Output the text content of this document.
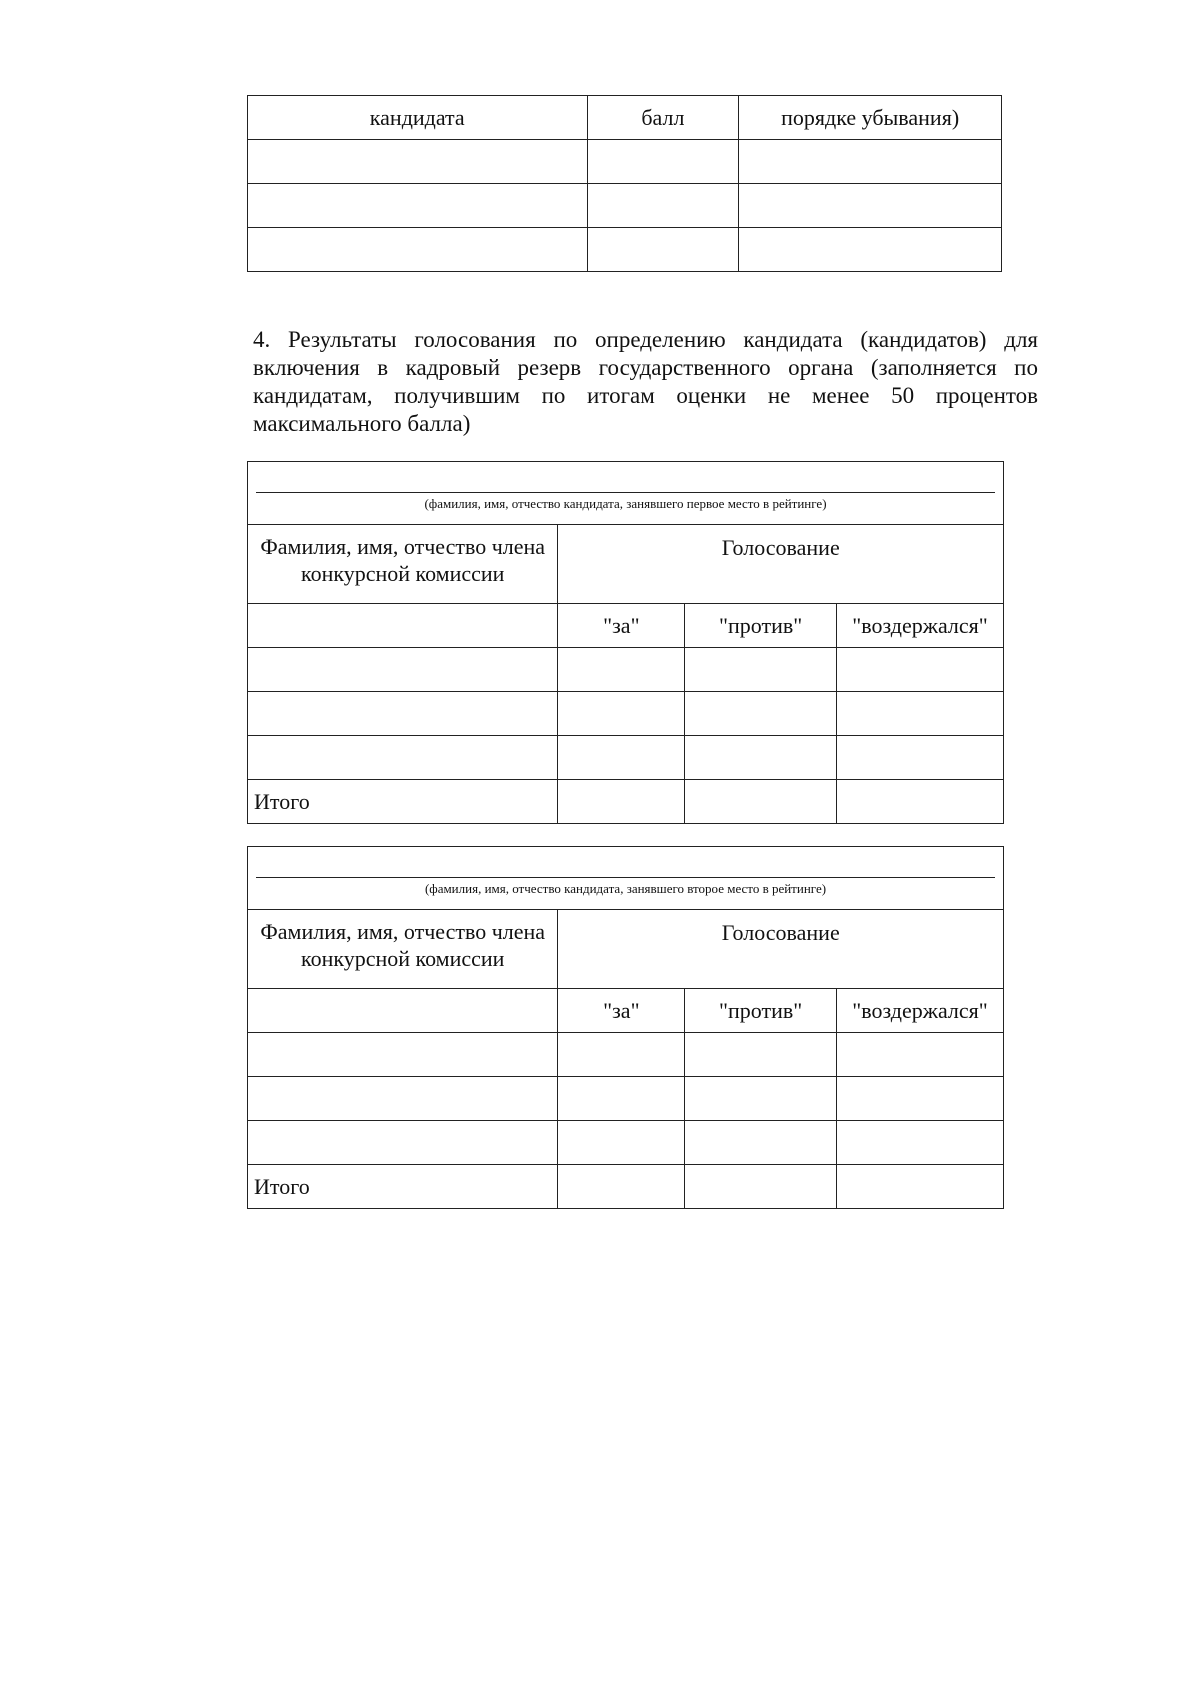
кандидата	балл	порядке убывания)

4. Результаты голосования по определению кандидата (кандидатов) для включения в кадровый резерв государственного органа (заполняется по кандидатам, получившим по итогам оценки не менее 50 процентов максимального балла)

(фамилия, имя, отчество кандидата, занявшего первое место в рейтинге)			

Фамилия, имя, отчество члена конкурсной комиссии	Голосование		
	"за"	"против"	"воздержался"

Итого			
(фамилия, имя, отчество кандидата, занявшего второе место в рейтинге)			

Фамилия, имя, отчество члена конкурсной комиссии	Голосование		
	"за"	"против"	"воздержался"

Итого			
